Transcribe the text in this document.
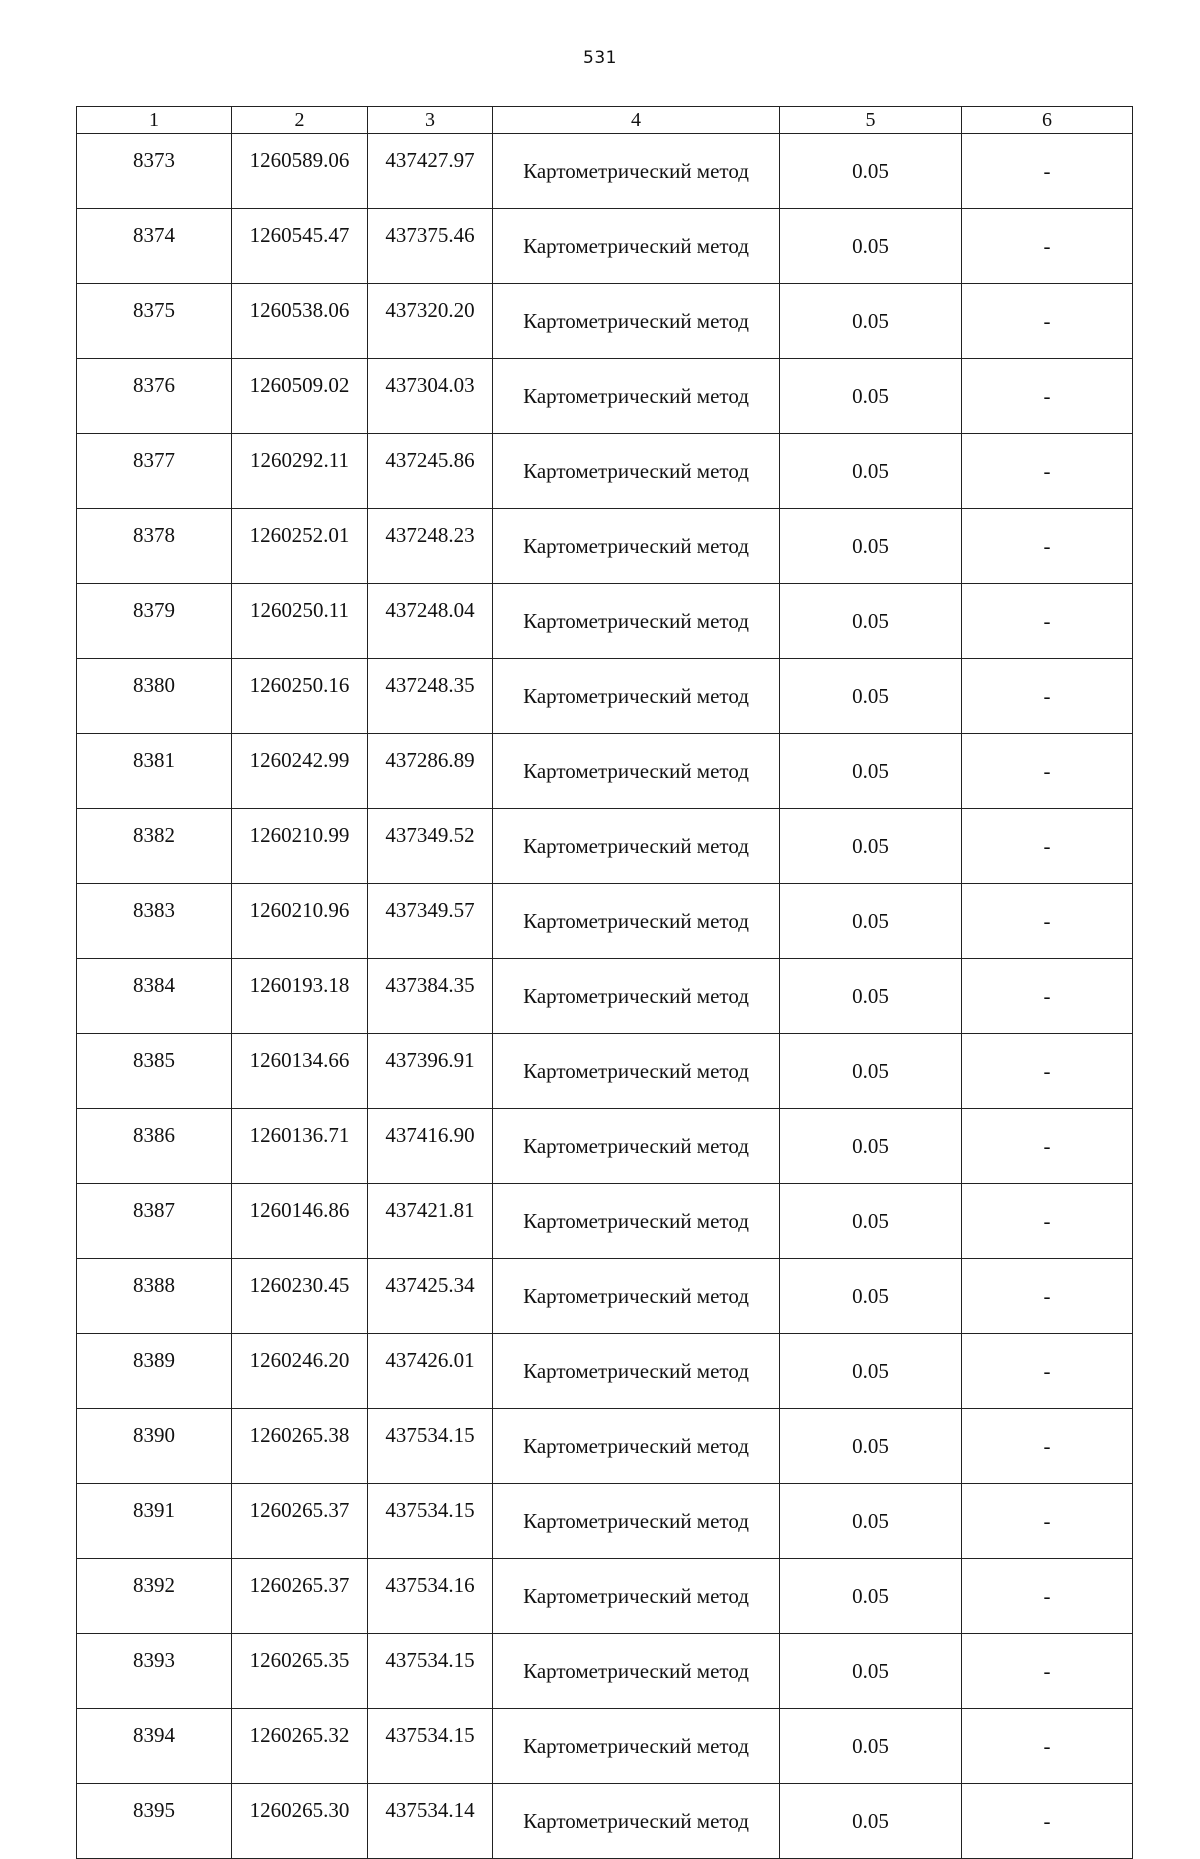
531
1	2	3	4	5	6
8373	1260589.06	437427.97	Картометрический метод	0.05	-
8374	1260545.47	437375.46	Картометрический метод	0.05	-
8375	1260538.06	437320.20	Картометрический метод	0.05	-
8376	1260509.02	437304.03	Картометрический метод	0.05	-
8377	1260292.11	437245.86	Картометрический метод	0.05	-
8378	1260252.01	437248.23	Картометрический метод	0.05	-
8379	1260250.11	437248.04	Картометрический метод	0.05	-
8380	1260250.16	437248.35	Картометрический метод	0.05	-
8381	1260242.99	437286.89	Картометрический метод	0.05	-
8382	1260210.99	437349.52	Картометрический метод	0.05	-
8383	1260210.96	437349.57	Картометрический метод	0.05	-
8384	1260193.18	437384.35	Картометрический метод	0.05	-
8385	1260134.66	437396.91	Картометрический метод	0.05	-
8386	1260136.71	437416.90	Картометрический метод	0.05	-
8387	1260146.86	437421.81	Картометрический метод	0.05	-
8388	1260230.45	437425.34	Картометрический метод	0.05	-
8389	1260246.20	437426.01	Картометрический метод	0.05	-
8390	1260265.38	437534.15	Картометрический метод	0.05	-
8391	1260265.37	437534.15	Картометрический метод	0.05	-
8392	1260265.37	437534.16	Картометрический метод	0.05	-
8393	1260265.35	437534.15	Картометрический метод	0.05	-
8394	1260265.32	437534.15	Картометрический метод	0.05	-
8395	1260265.30	437534.14	Картометрический метод	0.05	-
